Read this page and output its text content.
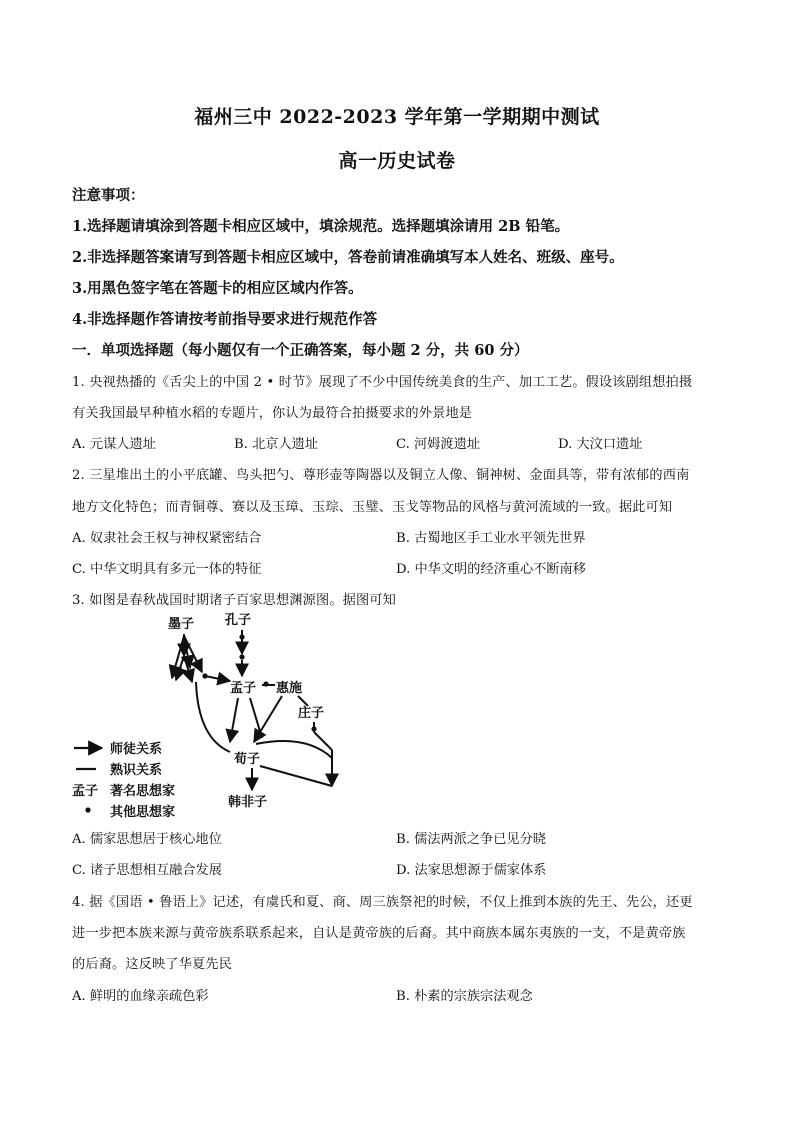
福州三中 2022-2023 学年第一学期期中测试
高一历史试卷
注意事项：
1.选择题请填涂到答题卡相应区域中，填涂规范。选择题填涂请用 2B 铅笔。
2.非选择题答案请写到答题卡相应区域中，答卷前请准确填写本人姓名、班级、座号。
3.用黑色签字笔在答题卡的相应区域内作答。
4.非选择题作答请按考前指导要求进行规范作答
一．单项选择题（每小题仅有一个正确答案，每小题 2 分，共 60 分）
1. 央视热播的《舌尖上的中国 2 • 时节》展现了不少中国传统美食的生产、加工工艺。假设该剧组想拍摄
有关我国最早种植水稻的专题片，你认为最符合拍摄要求的外景地是
A. 元谋人遗址	B. 北京人遗址	C. 河姆渡遗址	D. 大汶口遗址
2. 三星堆出土的小平底罐、鸟头把勺、尊形壶等陶器以及铜立人像、铜神树、金面具等，带有浓郁的西南
地方文化特色；而青铜尊、赛以及玉璋、玉琮、玉璧、玉戈等物品的风格与黄河流域的一致。据此可知
A. 奴隶社会王权与神权紧密结合	B. 古蜀地区手工业水平领先世界
C. 中华文明具有多元一体的特征	D. 中华文明的经济重心不断南移
3. 如图是春秋战国时期诸子百家思想渊源图。据图可知
墨子 孔子
孟子 惠施
庄子
荀子
韩非子
师徒关系
熟识关系
孟子 著名思想家
其他思想家
A. 儒家思想居于核心地位	B. 儒法两派之争已见分晓
C. 诸子思想相互融合发展	D. 法家思想源于儒家体系
4. 据《国语 • 鲁语上》记述，有虞氏和夏、商、周三族祭祀的时候，不仅上推到本族的先王、先公，还更
进一步把本族来源与黄帝族系联系起来，自认是黄帝族的后裔。其中商族本属东夷族的一支，不是黄帝族
的后裔。这反映了华夏先民
A. 鲜明的血缘亲疏色彩	B. 朴素的宗族宗法观念
